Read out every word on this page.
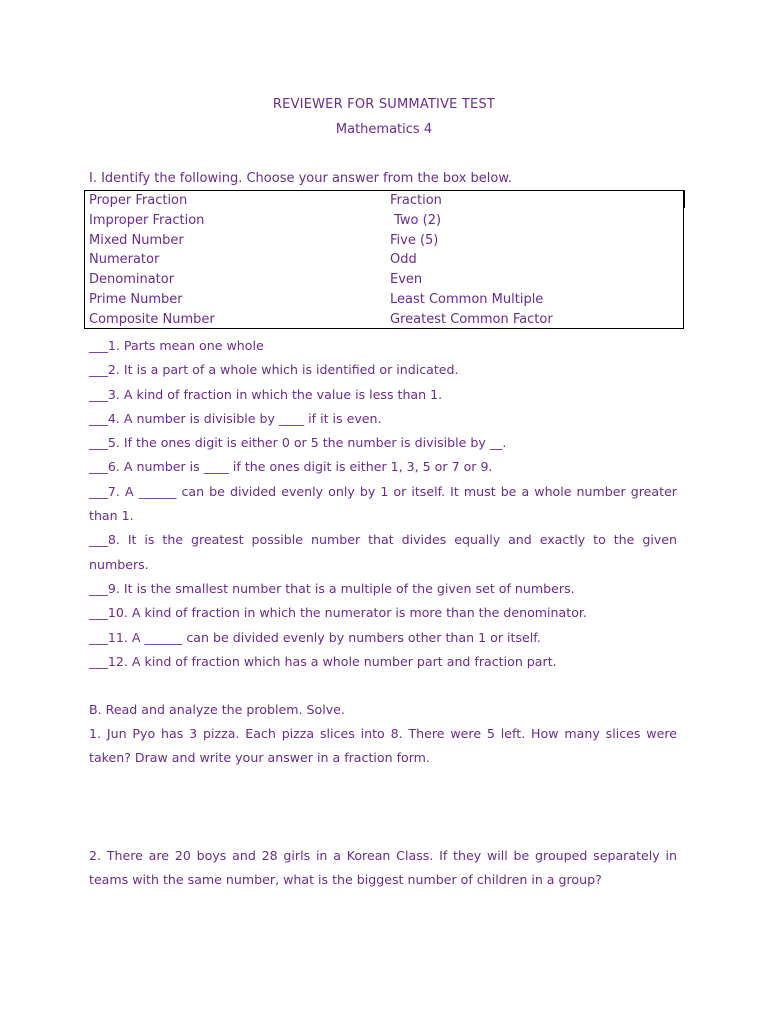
REVIEWER FOR SUMMATIVE TEST
Mathematics 4
I. Identify the following. Choose your answer from the box below.
Proper Fraction
Improper Fraction
Mixed Number
Numerator
Denominator
Prime Number
Composite Number
Fraction
Two (2)
Five (5)
Odd
Even
Least Common Multiple
Greatest Common Factor
___1. Parts mean one whole
___2. It is a part of a whole which is identified or indicated.
___3. A kind of fraction in which the value is less than 1.
___4. A number is divisible by ____ if it is even.
___5. If the ones digit is either 0 or 5 the number is divisible by __.
___6. A number is ____ if the ones digit is either 1, 3, 5 or 7 or 9.
___7. A ______ can be divided evenly only by 1 or itself. It must be a whole number greater than 1.
___8. It is the greatest possible number that divides equally and exactly to the given numbers.
___9. It is the smallest number that is a multiple of the given set of numbers.
___10. A kind of fraction in which the numerator is more than the denominator.
___11. A ______ can be divided evenly by numbers other than 1 or itself.
___12. A kind of fraction which has a whole number part and fraction part.
B. Read and analyze the problem. Solve.
1. Jun Pyo has 3 pizza. Each pizza slices into 8. There were 5 left. How many slices were taken? Draw and write your answer in a fraction form.
2. There are 20 boys and 28 girls in a Korean Class. If they will be grouped separately in teams with the same number, what is the biggest number of children in a group?
